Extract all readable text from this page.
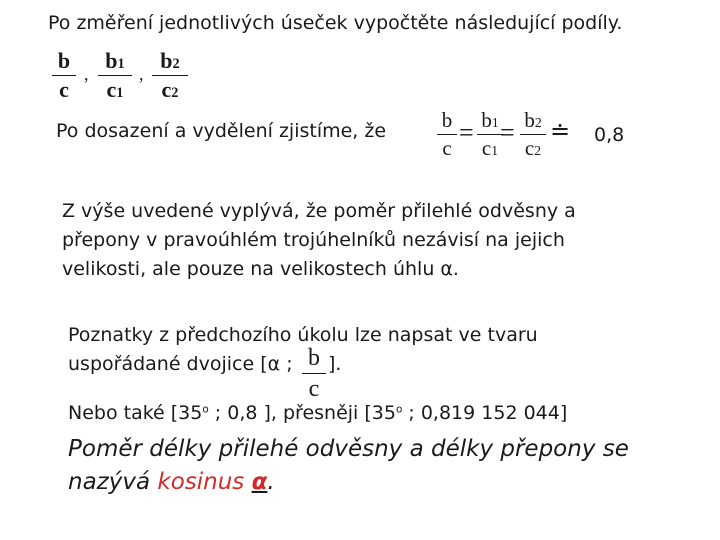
Po změření jednotlivých úseček vypočtěte následující podíly.
b
c
,
b1
c1
,
b2
c2
Po dosazení a vydělení zjistíme, že	b
c
= b1
c1
= b2
c2
≐ 0,8
Z výše uvedené vyplývá, že poměr přilehlé odvěsny a
přepony v pravoúhlém trojúhelníků nezávisí na jejich
velikosti, ale pouze na velikostech úhlu α.
Poznatky z předchozího úkolu lze napsat ve tvaru
uspořádané dvojice [α ; b
c
].
Nebo také [35$^o$ ; 0,8 ], přesněji [35$^o$ ; 0,819 152 044]
Poměr délky přilehé odvěsny a délky přepony se
nazývá kosinus α.
